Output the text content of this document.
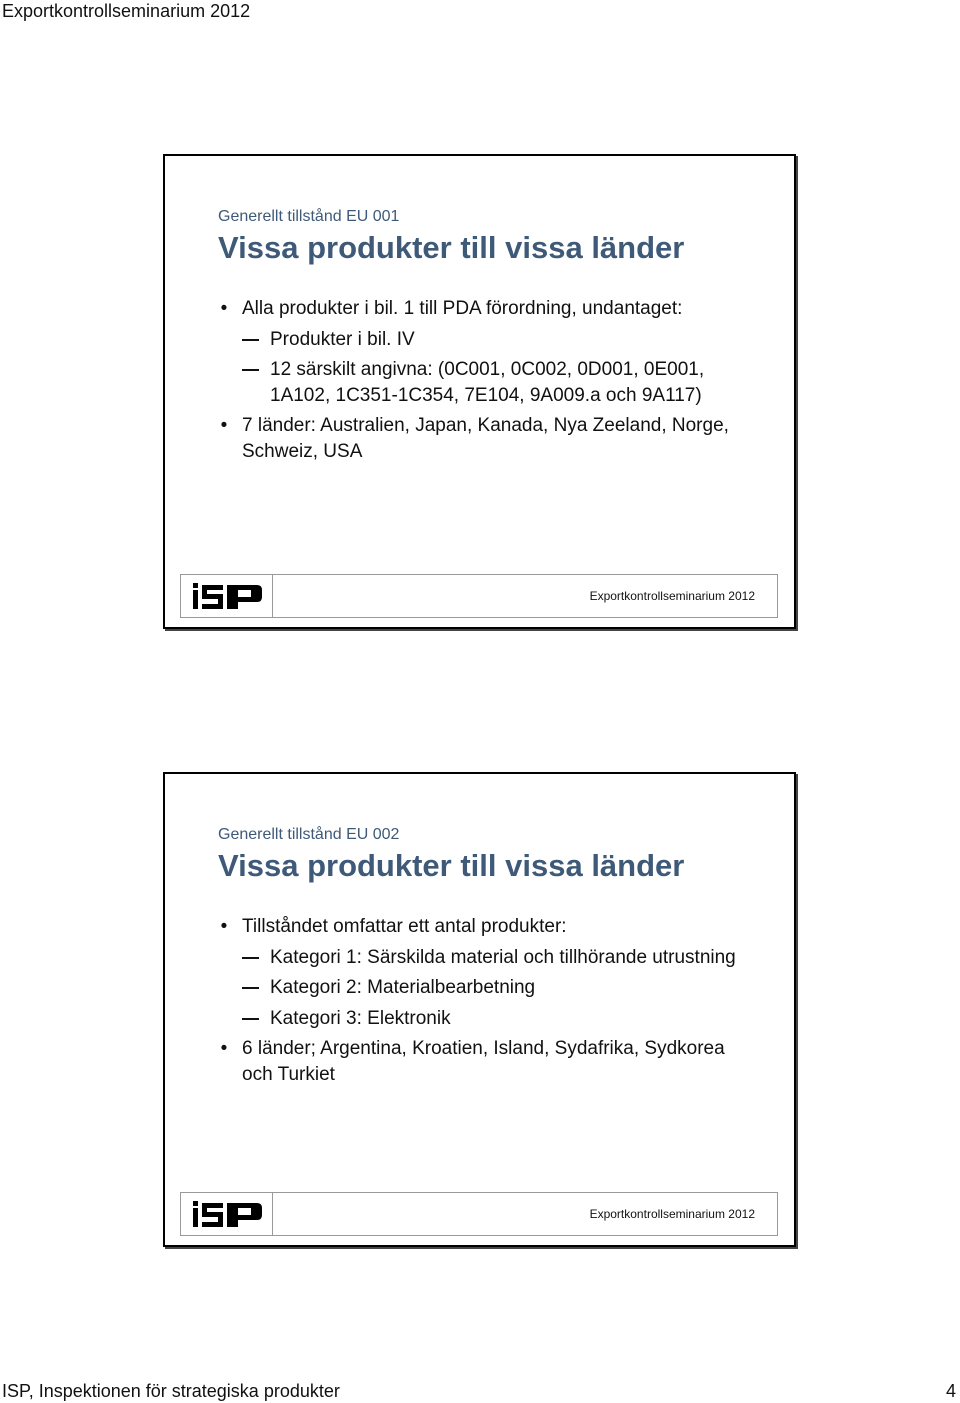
Exportkontrollseminarium 2012
Generellt tillstånd EU 001
Vissa produkter till vissa länder
• Alla produkter i bil. 1 till PDA förordning, undantaget:
Produkter i bil. IV
12 särskilt angivna: (0C001, 0C002, 0D001, 0E001, 1A102, 1C351-1C354, 7E104, 9A009.a och 9A117)
• 7 länder: Australien, Japan, Kanada, Nya Zeeland, Norge, Schweiz, USA
Exportkontrollseminarium 2012
Generellt tillstånd EU 002
Vissa produkter till vissa länder
• Tillståndet omfattar ett antal produkter:
Kategori 1: Särskilda material och tillhörande utrustning
Kategori 2: Materialbearbetning
Kategori 3: Elektronik
• 6 länder; Argentina, Kroatien, Island, Sydafrika, Sydkorea och Turkiet
Exportkontrollseminarium 2012
ISP, Inspektionen för strategiska produkter	4
